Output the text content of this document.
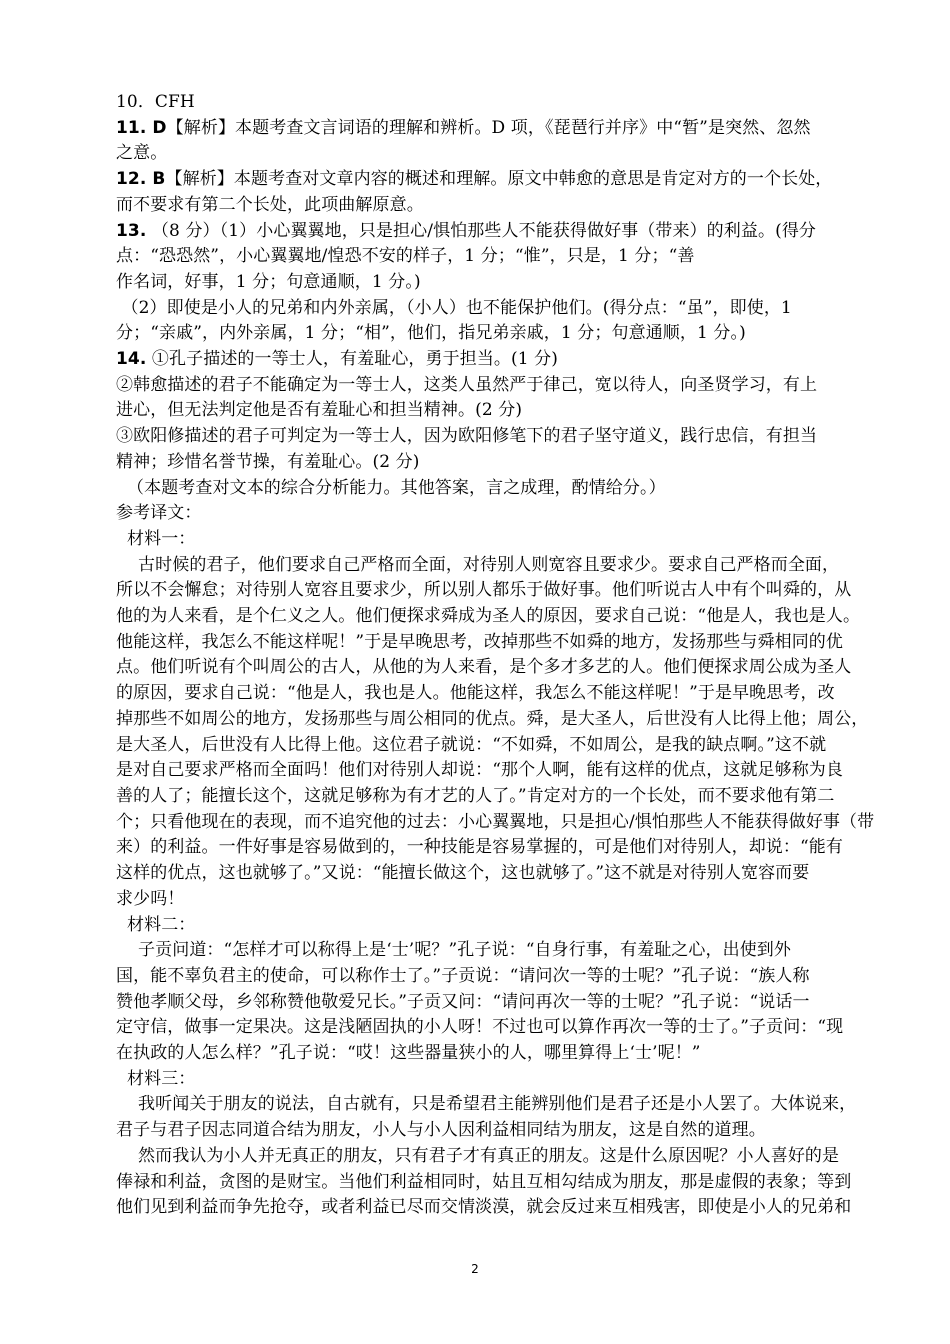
10．CFH
11. D【解析】本题考查文言词语的理解和辨析。D 项，《琵琶行并序》中“暂”是突然、忽然
之意。
12. B【解析】本题考查对文章内容的概述和理解。原文中韩愈的意思是肯定对方的一个长处，
而不要求有第二个长处，此项曲解原意。
13. （8 分）（1）小心翼翼地，只是担心/惧怕那些人不能获得做好事（带来）的利益。(得分
点：“恐恐然”，小心翼翼地/惶恐不安的样子，1 分；“惟”，只是，1 分；“善
作名词，好事，1 分；句意通顺，1 分。)
（2）即使是小人的兄弟和内外亲属，（小人）也不能保护他们。(得分点：“虽”，即使，1
分；“亲戚”，内外亲属，1 分；“相”，他们，指兄弟亲戚，1 分；句意通顺，1 分。)
14. ①孔子描述的一等士人，有羞耻心，勇于担当。(1 分)
②韩愈描述的君子不能确定为一等士人，这类人虽然严于律己，宽以待人，向圣贤学习，有上
进心，但无法判定他是否有羞耻心和担当精神。(2 分)
③欧阳修描述的君子可判定为一等士人，因为欧阳修笔下的君子坚守道义，践行忠信，有担当
精神；珍惜名誉节操，有羞耻心。(2 分)
（本题考查对文本的综合分析能力。其他答案，言之成理，酌情给分。）
参考译文：
材料一：
古时候的君子，他们要求自己严格而全面，对待别人则宽容且要求少。要求自己严格而全面，
所以不会懈怠；对待别人宽容且要求少，所以别人都乐于做好事。他们听说古人中有个叫舜的，从
他的为人来看，是个仁义之人。他们便探求舜成为圣人的原因，要求自己说：“他是人，我也是人。
他能这样，我怎么不能这样呢！”于是早晚思考，改掉那些不如舜的地方，发扬那些与舜相同的优
点。他们听说有个叫周公的古人，从他的为人来看，是个多才多艺的人。他们便探求周公成为圣人
的原因，要求自己说：“他是人，我也是人。他能这样，我怎么不能这样呢！”于是早晚思考，改
掉那些不如周公的地方，发扬那些与周公相同的优点。舜，是大圣人，后世没有人比得上他；周公，
是大圣人，后世没有人比得上他。这位君子就说：“不如舜，不如周公，是我的缺点啊。”这不就
是对自己要求严格而全面吗！他们对待别人却说：“那个人啊，能有这样的优点，这就足够称为良
善的人了；能擅长这个，这就足够称为有才艺的人了。”肯定对方的一个长处，而不要求他有第二
个；只看他现在的表现，而不追究他的过去：小心翼翼地，只是担心/惧怕那些人不能获得做好事（带
来）的利益。一件好事是容易做到的，一种技能是容易掌握的，可是他们对待别人，却说：“能有
这样的优点，这也就够了。”又说：“能擅长做这个，这也就够了。”这不就是对待别人宽容而要
求少吗！
材料二：
子贡问道：“怎样才可以称得上是‘士’呢？”孔子说：“自身行事，有羞耻之心，出使到外
国，能不辜负君主的使命，可以称作士了。”子贡说：“请问次一等的士呢？”孔子说：“族人称
赞他孝顺父母，乡邻称赞他敬爱兄长。”子贡又问：“请问再次一等的士呢？”孔子说：“说话一
定守信，做事一定果决。这是浅陋固执的小人呀！不过也可以算作再次一等的士了。”子贡问：“现
在执政的人怎么样？”孔子说：“哎！这些器量狭小的人，哪里算得上‘士’呢！”
材料三：
我听闻关于朋友的说法，自古就有，只是希望君主能辨别他们是君子还是小人罢了。大体说来，
君子与君子因志同道合结为朋友，小人与小人因利益相同结为朋友，这是自然的道理。
然而我认为小人并无真正的朋友，只有君子才有真正的朋友。这是什么原因呢？小人喜好的是
俸禄和利益，贪图的是财宝。当他们利益相同时，姑且互相勾结成为朋友，那是虚假的表象；等到
他们见到利益而争先抢夺，或者利益已尽而交情淡漠，就会反过来互相残害，即使是小人的兄弟和
2
